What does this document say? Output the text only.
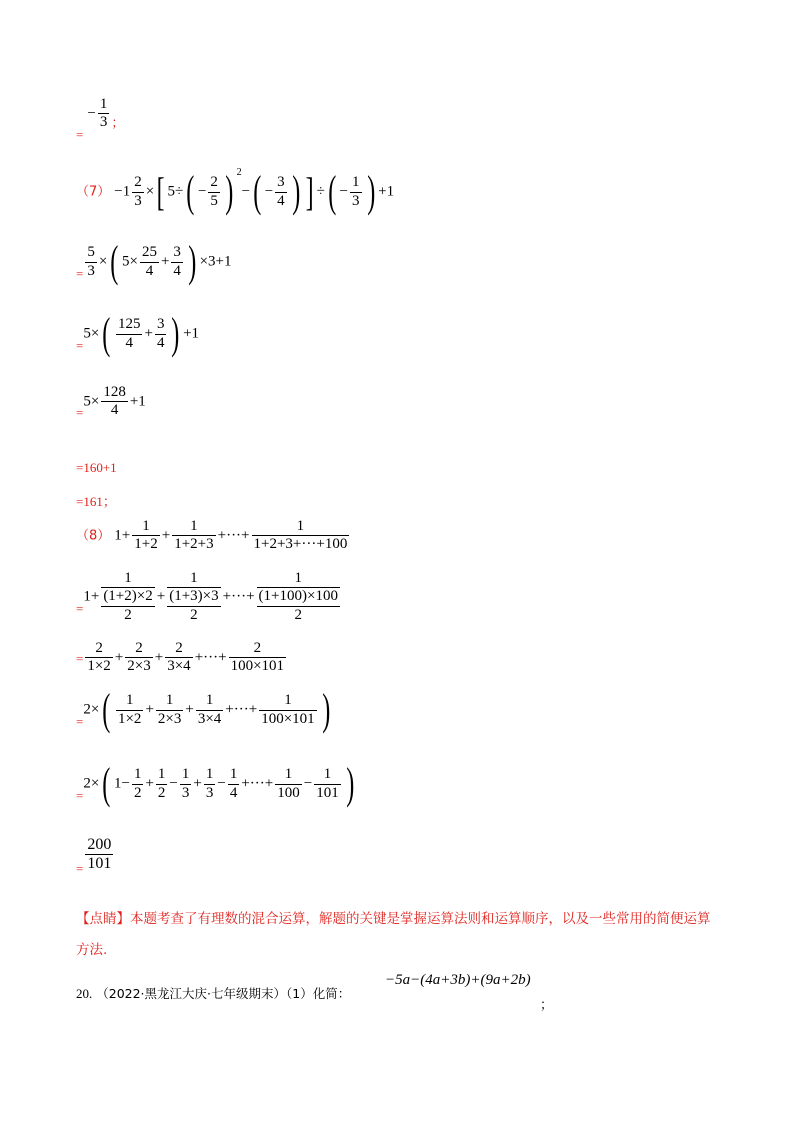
$_= - \frac{1}{3} _;$
$(7) -1 \frac{2}{3}$ ×[ $5\div( - \frac{2}{5}$ ) $^2-( - \frac{3}{4}$ ) ] ÷( − $\frac{1}{3}$ ) +1
$_= \frac{5}{3}$ ×( $5\times \frac{25}{4} + \frac{3}{4}$ ) ×3+1
$_=5\times( \frac{125}{4} + \frac{3}{4}$ ) +1
$_=5\times \frac{128}{4} +1$
=160+1
=161；
（8） $1+ \frac{1}{1+2} + \frac{1}{1+2+3}$ +···+ $\frac{1}{1+2+3+\cdot\cdot\cdot+100}$
$_=$1+
1
(1+2)×2
2
+
1
(1+3)×3
2
+···+
1
(1+100)×100
2
= $\frac{2}{1\times 2} + \frac{2}{2\times 3} + \frac{2}{3\times 4}$ +···+ $\frac{2}{100\times 101}$
$_=2\times( \frac{1}{1\times 2} + \frac{1}{2\times 3} + \frac{1}{3\times 4}$ +···+ $\frac{1}{100\times 101}$ )
$_=$2×( $1- \frac{1}{2} + \frac{1}{2} - \frac{1}{3} + \frac{1}{3} - \frac{1}{4}$ +···+ $\frac{1}{100} - \frac{1}{101}$ )
$_= \frac{200}{101}$
【点睛】本题考查了有理数的混合运算，解题的关键是掌握运算法则和运算顺序，以及一些常用的简便运算方法.
20. （2022·黑龙江大庆·七年级期末）（1）化简：
−5a−(4a+3b)+(9a+2b)
；
